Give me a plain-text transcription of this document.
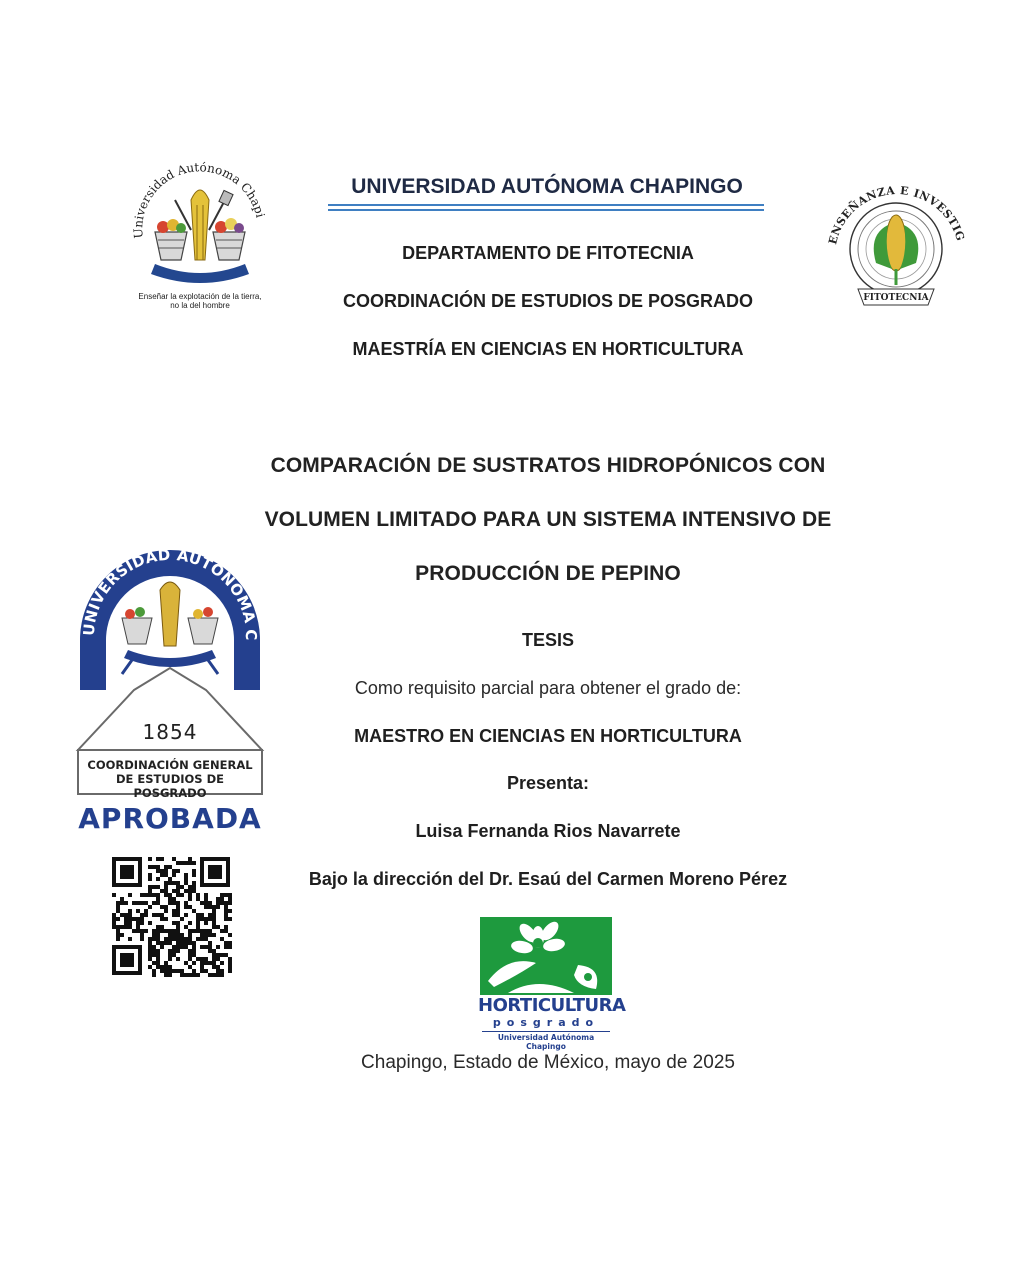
Universidad Autónoma Chapi
Enseñar la explotación de la tierra,
no la del hombre
ENSEÑANZA E INVESTIG
FITOTECNIA
UNIVERSIDAD AUTÓNOMA CHAPINGO
DEPARTAMENTO DE FITOTECNIA
COORDINACIÓN DE ESTUDIOS DE POSGRADO
MAESTRÍA EN CIENCIAS EN HORTICULTURA
COMPARACIÓN DE SUSTRATOS HIDROPÓNICOS CON
VOLUMEN LIMITADO PARA UN SISTEMA INTENSIVO DE
PRODUCCIÓN DE PEPINO
UNIVERSIDAD AUTÓNOMA C
1854
COORDINACIÓN GENERAL
DE ESTUDIOS DE POSGRADO
APROBADA
TESIS
Como requisito parcial para obtener el grado de:
MAESTRO EN CIENCIAS EN HORTICULTURA
Presenta:
Luisa Fernanda Rios Navarrete
Bajo la dirección del Dr. Esaú del Carmen Moreno Pérez
HORTICULTURA
posgrado
Universidad Autónoma Chapingo
Chapingo, Estado de México, mayo de 2025
